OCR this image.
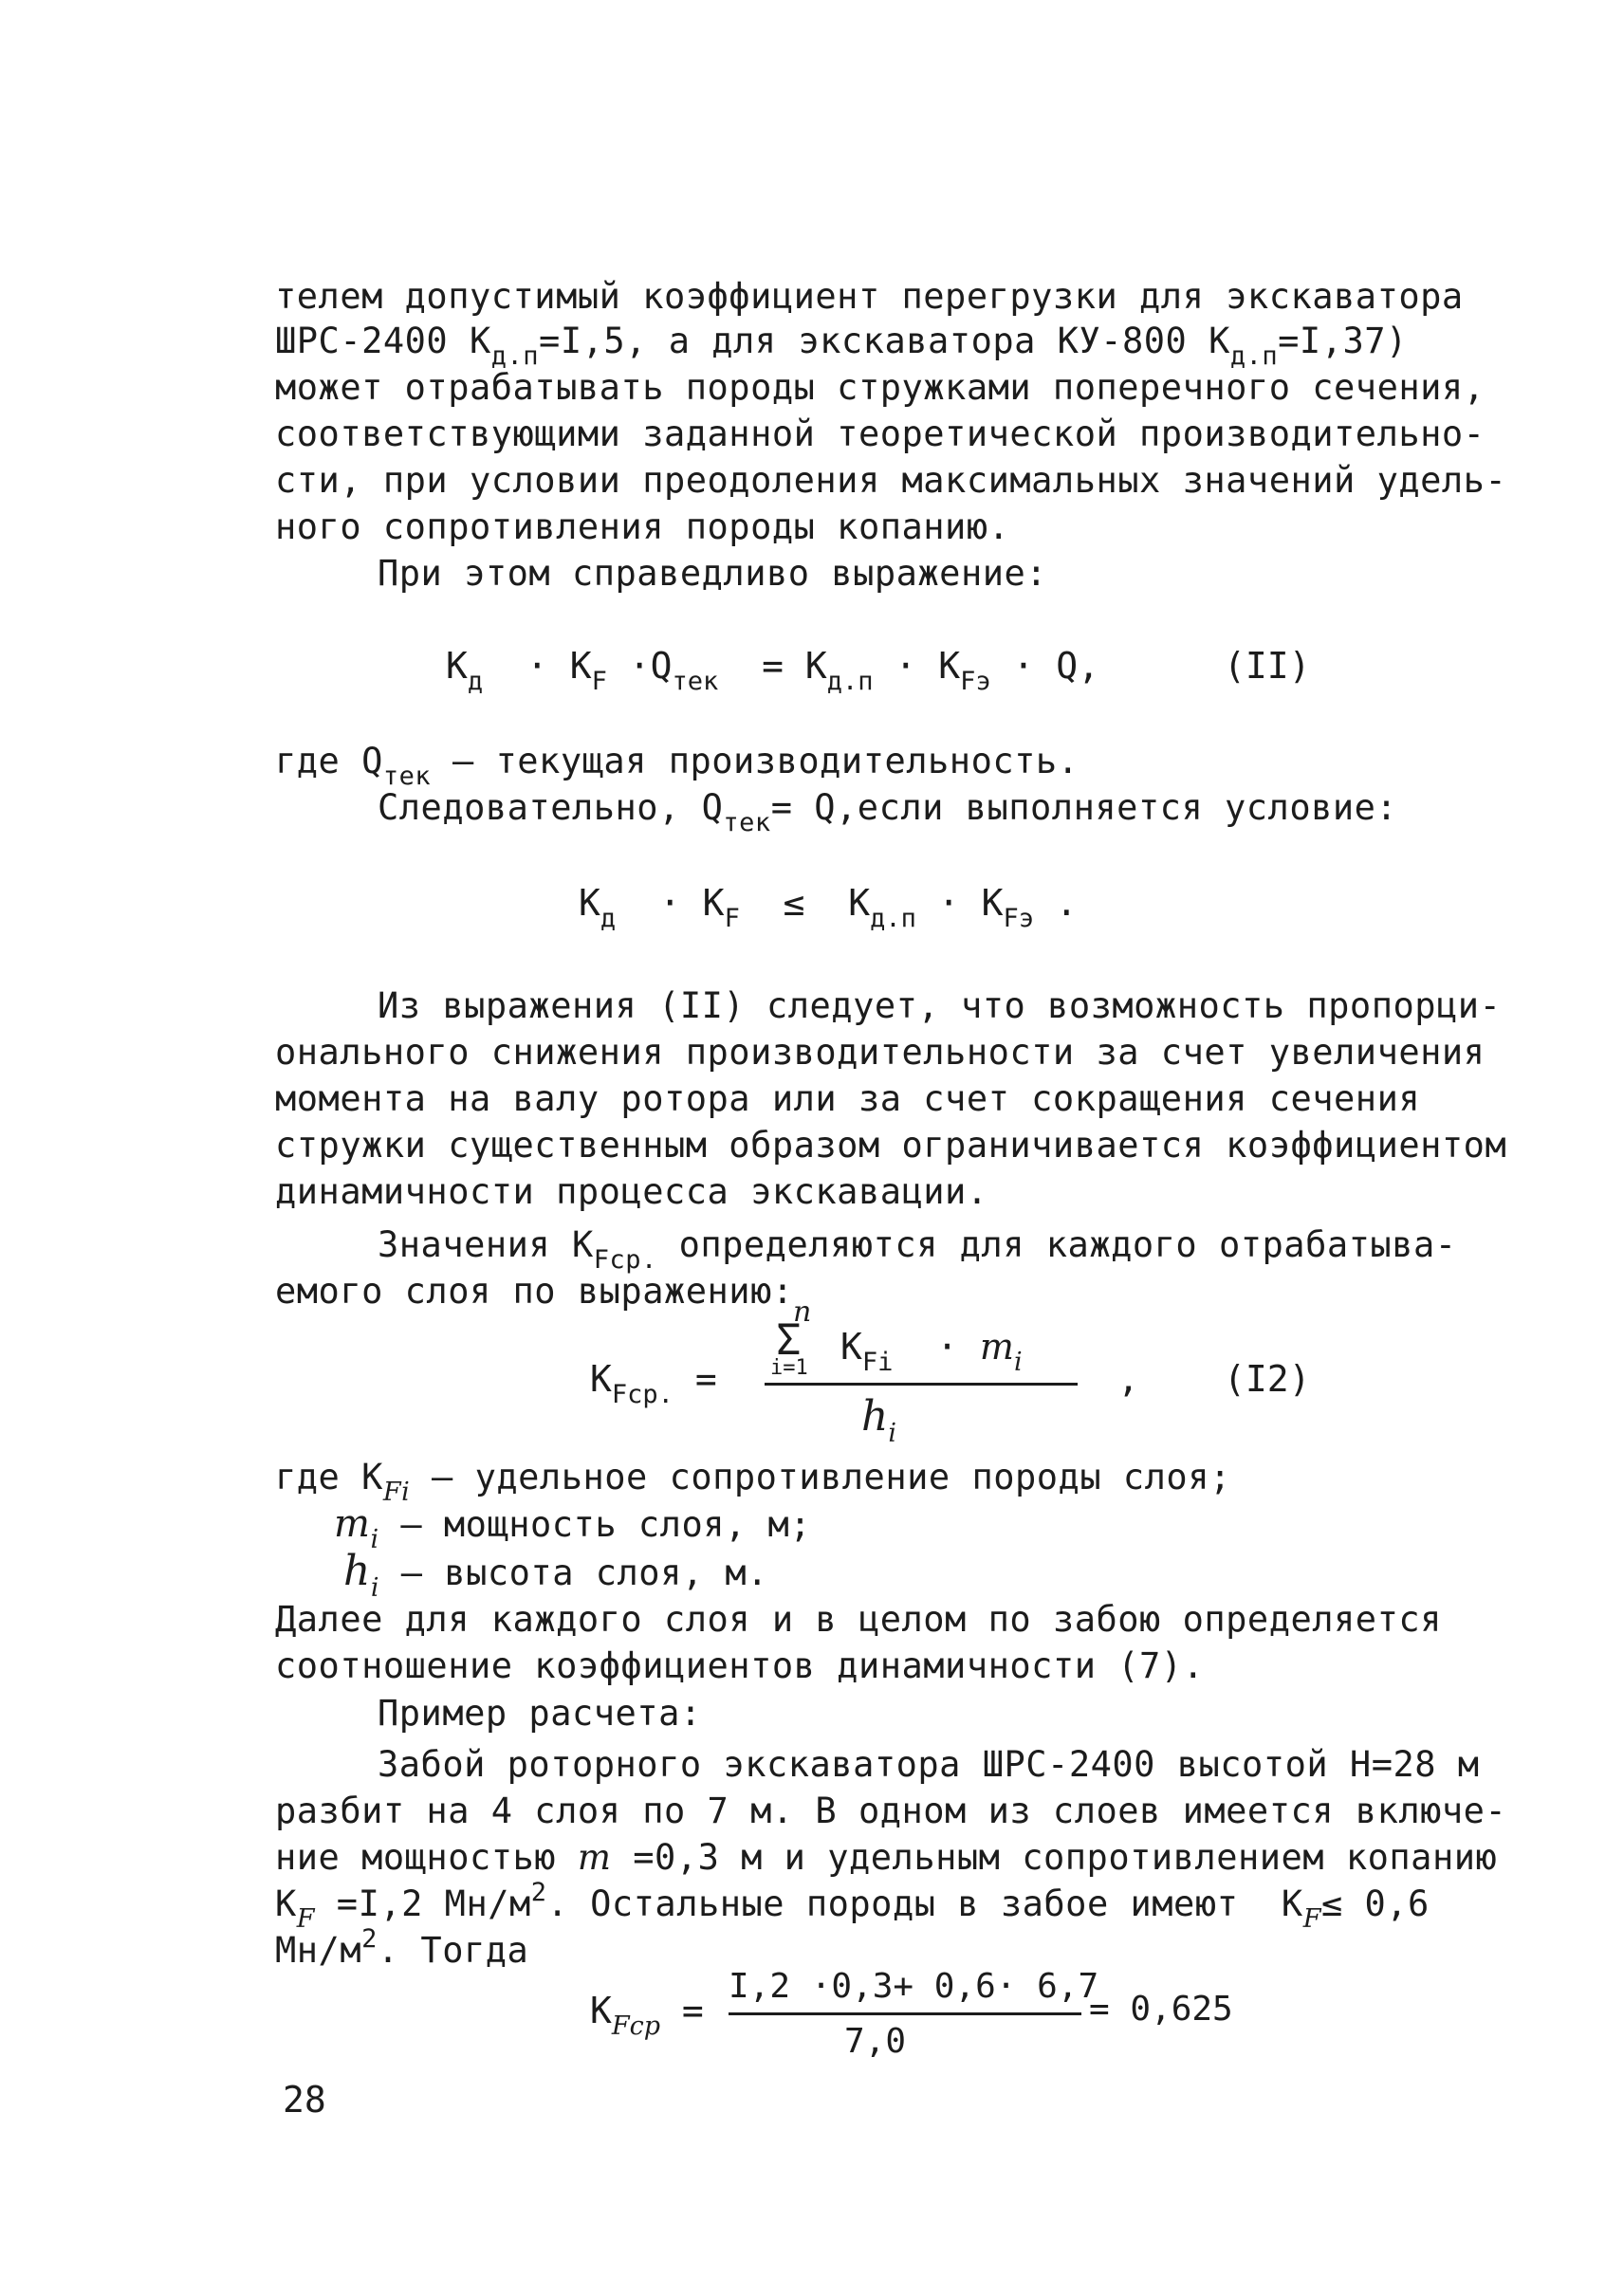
телем допустимый коэффициент перегрузки для экскаватора
ШРС-2400 $К_{д.п}=I,5$, а для экскаватора КУ-800 $К_{д.п}=I,37$)
может отрабатывать породы стружками поперечного сечения,
соответствующими заданной теоретической производительно-
сти, при условии преодоления максимальных значений удель-
ного сопротивления породы копанию.
При этом справедливо выражение:
$К_д \cdot К_F \cdot Q_{тек} = К_{д.п} \cdot К_{Fэ} \cdot Q$,	(II)
где $Q_{тек}$ – текущая производительность.
Следовательно, $Q_{тек}=$ Q,если выполняется условие:
$К_д \cdot К_F \le К_{д.п} \cdot К_{Fэ}$ .
Из выражения (II) следует, что возможность пропорци-
онального снижения производительности за счет увеличения
момента на валу ротора или за счет сокращения сечения
стружки существенным образом ограничивается коэффициентом
динамичности процесса экскавации.
Значения $К_{Fср.}$ определяются для каждого отрабатыва-
емого слоя по выражению:
$К_{Fср.}$ =
n
Σ
i=1
$К_{Fi} \cdot m_i$
$h_i$
, (I2)
где $К_{Fi}$ – удельное сопротивление породы слоя;
$m_i$ – мощность слоя, м;
$h_i$ – высота слоя, м.
Далее для каждого слоя и в целом по забою определяется
соотношение коэффициентов динамичности (7).
Пример расчета:
Забой роторного экскаватора ШРС-2400 высотой Н=28 м
разбит на 4 слоя по 7 м. В одном из слоев имеется включе-
ние мощностью m =0,3 м и удельным сопротивлением копанию
$К_F =I,2$ $Мн/м^2$. Остальные породы в забое имеют  $К_F\le 0,6$
$Мн/м^2$. Тогда
$К_{Fср}$ =
I,2 ·0,3+ 0,6· 6,7
7,0
= 0,625
28
